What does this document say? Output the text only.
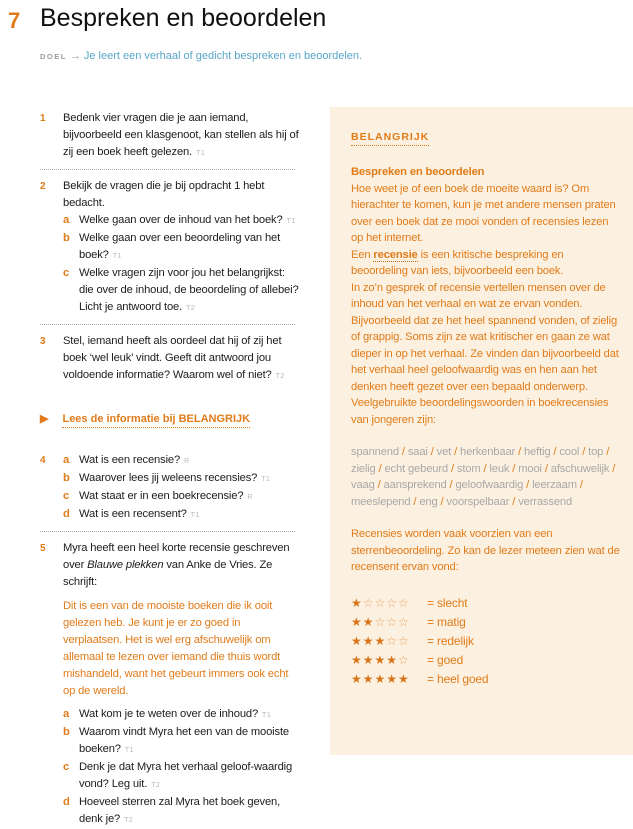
7 Bespreken en beoordelen
DOEL → Je leert een verhaal of gedicht bespreken en beoordelen.
1 Bedenk vier vragen die je aan iemand, bijvoorbeeld een klasgenoot, kan stellen als hij of zij een boek heeft gelezen. T1
2 Bekijk de vragen die je bij opdracht 1 hebt bedacht.
a Welke gaan over de inhoud van het boek? T1
b Welke gaan over een beoordeling van het boek? T1
c Welke vragen zijn voor jou het belangrijkst: die over de inhoud, de beoordeling of allebei? Licht je antwoord toe. T2
3 Stel, iemand heeft als oordeel dat hij of zij het boek ‘wel leuk’ vindt. Geeft dit antwoord jou voldoende informatie? Waarom wel of niet? T2
▶ Lees de informatie bij BELANGRIJK
4 a Wat is een recensie? R
b Waarover lees jij weleens recensies? T1
c Wat staat er in een boekrecensie? R
d Wat is een recensent? T1
5 Myra heeft een heel korte recensie geschreven over Blauwe plekken van Anke de Vries. Ze schrijft:
Dit is een van de mooiste boeken die ik ooit gelezen heb. Je kunt je er zo goed in verplaatsen. Het is wel erg afschuwelijk om allemaal te lezen over iemand die thuis wordt mishandeld, want het gebeurt immers ook echt op de wereld.
a Wat kom je te weten over de inhoud? T1
b Waarom vindt Myra het een van de mooiste boeken? T1
c Denk je dat Myra het verhaal geloof-waardig vond? Leg uit. T2
d Hoeveel sterren zal Myra het boek geven, denk je? T2
BELANGRIJK
Bespreken en beoordelen
Hoe weet je of een boek de moeite waard is? Om hierachter te komen, kun je met andere mensen praten over een boek dat ze mooi vonden of recensies lezen op het internet.
Een recensie is een kritische bespreking en beoordeling van iets, bijvoorbeeld een boek.
In zo’n gesprek of recensie vertellen mensen over de inhoud van het verhaal en wat ze ervan vonden. Bijvoorbeeld dat ze het heel spannend vonden, of zielig of grappig. Soms zijn ze wat kritischer en gaan ze wat dieper in op het verhaal. Ze vinden dan bijvoorbeeld dat het verhaal heel geloofwaardig was en hen aan het denken heeft gezet over een bepaald onderwerp.
Veelgebruikte beoordelingswoorden in boekrecensies van jongeren zijn:
spannend / saai / vet / herkenbaar / heftig / cool / top / zielig / echt gebeurd / stom / leuk / mooi / afschuwelijk / vaag / aansprekend / geloofwaardig / leerzaam / meeslepend / eng / voorspelbaar / verrassend
Recensies worden vaak voorzien van een sterrenbeoordeling. Zo kan de lezer meteen zien wat de recensent ervan vond:
★☆☆☆☆	= slecht
★★☆☆☆	= matig
★★★☆☆	= redelijk
★★★★☆	= goed
★★★★★	= heel goed
